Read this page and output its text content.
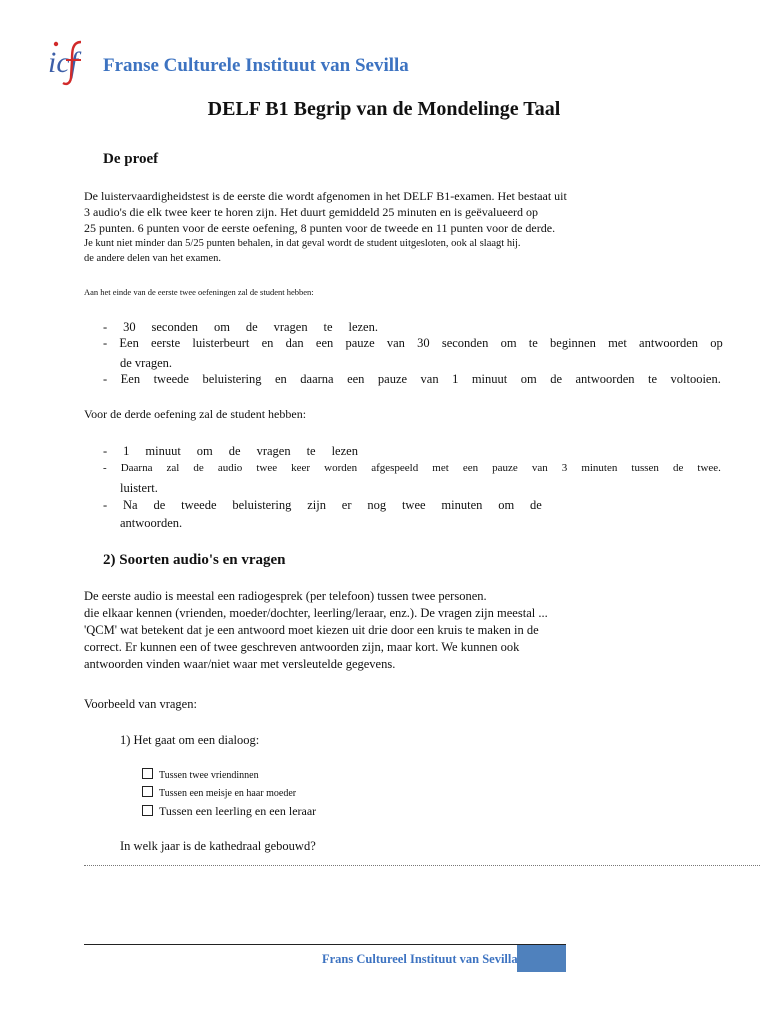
icf Franse Culturele Instituut van Sevilla
DELF B1 Begrip van de Mondelinge Taal
De proef
De luistervaardigheidstest is de eerste die wordt afgenomen in het DELF B1-examen. Het bestaat uit
3 audio's die elk twee keer te horen zijn. Het duurt gemiddeld 25 minuten en is geëvalueerd op
25 punten. 6 punten voor de eerste oefening, 8 punten voor de tweede en 11 punten voor de derde.
Je kunt niet minder dan 5/25 punten behalen, in dat geval wordt de student uitgesloten, ook al slaagt hij.
de andere delen van het examen.
Aan het einde van de eerste twee oefeningen zal de student hebben:
- 30 seconden om de vragen te lezen.
- Een eerste luisterbeurt en dan een pauze van 30 seconden om te beginnen met antwoorden op
de vragen.
- Een tweede beluistering en daarna een pauze van 1 minuut om de antwoorden te voltooien.
Voor de derde oefening zal de student hebben:
- 1 minuut om de vragen te lezen
- Daarna zal de audio twee keer worden afgespeeld met een pauze van 3 minuten tussen de twee.
luistert.
- Na de tweede beluistering zijn er nog twee minuten om de
antwoorden.
2) Soorten audio's en vragen
De eerste audio is meestal een radiogesprek (per telefoon) tussen twee personen.
die elkaar kennen (vrienden, moeder/dochter, leerling/leraar, enz.). De vragen zijn meestal ...
'QCM' wat betekent dat je een antwoord moet kiezen uit drie door een kruis te maken in de
correct. Er kunnen een of twee geschreven antwoorden zijn, maar kort. We kunnen ook
antwoorden vinden waar/niet waar met versleutelde gegevens.
Voorbeeld van vragen:
1) Het gaat om een dialoog:
Tussen twee vriendinnen
Tussen een meisje en haar moeder
Tussen een leerling en een leraar
In welk jaar is de kathedraal gebouwd?
Frans Cultureel Instituut van Sevilla
